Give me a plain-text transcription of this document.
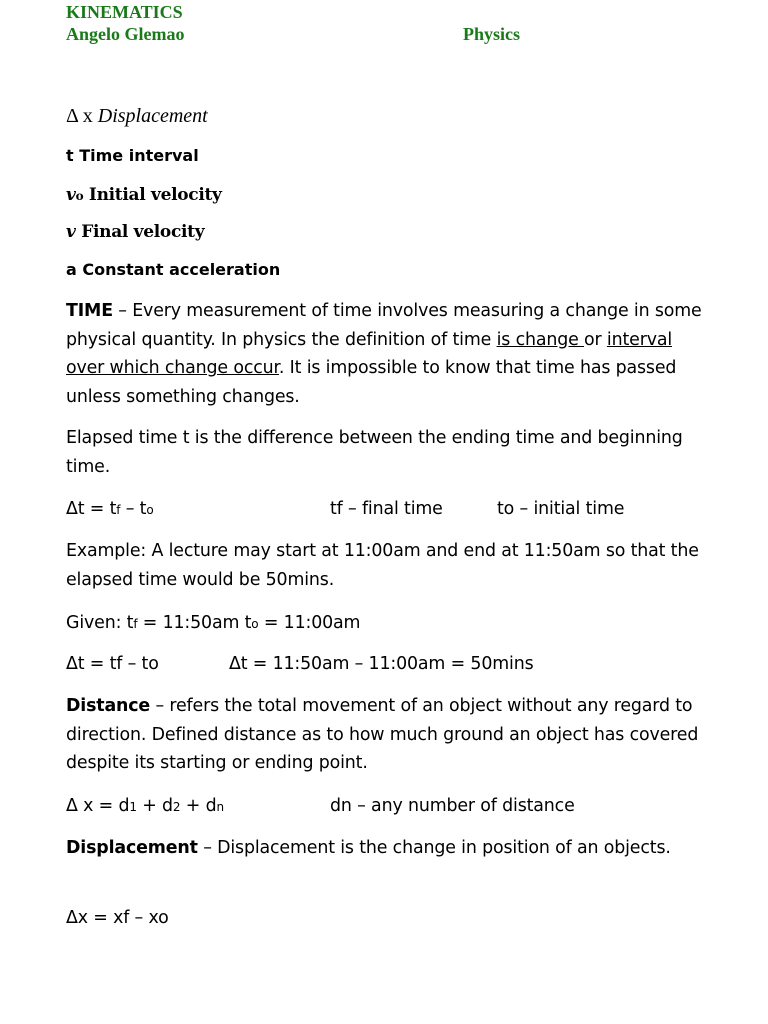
KINEMATICS
Angelo Glemao	Physics
Δ x Displacement
t Time interval
vo Initial velocity
v Final velocity
a Constant acceleration
TIME – Every measurement of time involves measuring a change in some physical quantity. In physics the definition of time is change or interval over which change occur. It is impossible to know that time has passed unless something changes.
Elapsed time t is the difference between the ending time and beginning time.
Δt = tf – to	tf – final time	to – initial time
Example: A lecture may start at 11:00am and end at 11:50am so that the elapsed time would be 50mins.
Given: tf = 11:50am to = 11:00am
Δt = tf – to	Δt = 11:50am – 11:00am = 50mins
Distance – refers the total movement of an object without any regard to direction. Defined distance as to how much ground an object has covered despite its starting or ending point.
Δ x = d1 + d2 + dn	dn – any number of distance
Displacement – Displacement is the change in position of an objects.
Δx = xf – xo
